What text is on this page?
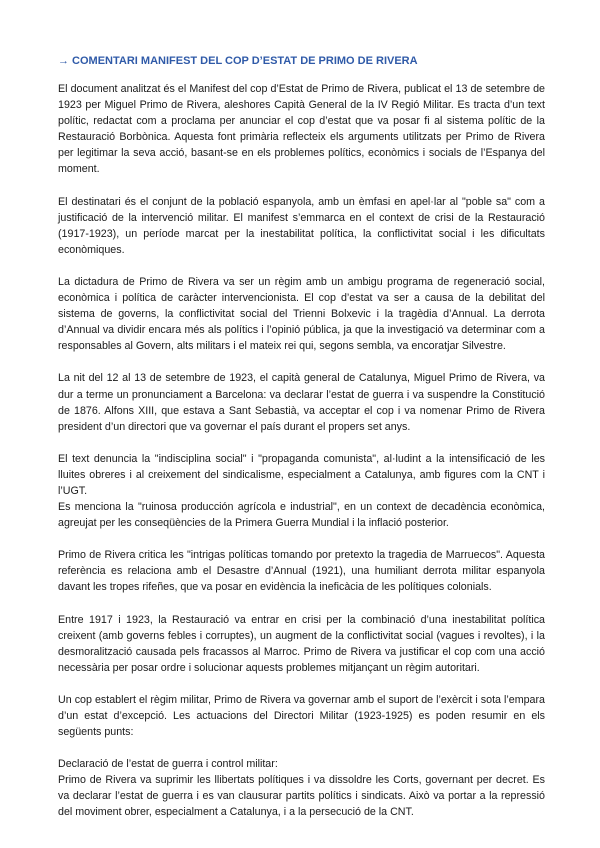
→ COMENTARI MANIFEST DEL COP D’ESTAT DE PRIMO DE RIVERA

El document analitzat és el Manifest del cop d’Estat de Primo de Rivera, publicat el 13 de setembre de 1923 per Miguel Primo de Rivera, aleshores Capità General de la IV Regió Militar. Es tracta d’un text polític, redactat com a proclama per anunciar el cop d’estat que va posar fi al sistema polític de la Restauració Borbònica. Aquesta font primària reflecteix els arguments utilitzats per Primo de Rivera per legitimar la seva acció, basant-se en els problemes polítics, econòmics i socials de l’Espanya del moment.

El destinatari és el conjunt de la població espanyola, amb un èmfasi en apel·lar al "poble sa" com a justificació de la intervenció militar. El manifest s’emmarca en el context de crisi de la Restauració (1917-1923), un període marcat per la inestabilitat política, la conflictivitat social i les dificultats econòmiques.

La dictadura de Primo de Rivera va ser un règim amb un ambigu programa de regeneració social, econòmica i política de caràcter intervencionista. El cop d’estat va ser a causa de la debilitat del sistema de governs, la conflictivitat social del Trienni Bolxevic i la tragèdia d’Annual. La derrota d’Annual va dividir encara més als polítics i l’opinió pública, ja que la investigació va determinar com a responsables al Govern, alts militars i el mateix rei qui, segons sembla, va encoratjar Silvestre.

La nit del 12 al 13 de setembre de 1923, el capità general de Catalunya, Miguel Primo de Rivera, va dur a terme un pronunciament a Barcelona: va declarar l’estat de guerra i va suspendre la Constitució de 1876. Alfons XIII, que estava a Sant Sebastià, va acceptar el cop i va nomenar Primo de Rivera president d’un directori que va governar el país durant el propers set anys.

El text denuncia la "indisciplina social" i "propaganda comunista", al·ludint a la intensificació de les lluites obreres i al creixement del sindicalisme, especialment a Catalunya, amb figures com la CNT i l’UGT.
Es menciona la "ruinosa producción agrícola e industrial", en un context de decadència econòmica, agreujat per les conseqüències de la Primera Guerra Mundial i la inflació posterior.

Primo de Rivera critica les "intrigas políticas tomando por pretexto la tragedia de Marruecos". Aquesta referència es relaciona amb el Desastre d’Annual (1921), una humiliant derrota militar espanyola davant les tropes rifeñes, que va posar en evidència la ineficàcia de les polítiques colonials.

Entre 1917 i 1923, la Restauració va entrar en crisi per la combinació d’una inestabilitat política creixent (amb governs febles i corruptes), un augment de la conflictivitat social (vagues i revoltes), i la desmoralització causada pels fracassos al Marroc. Primo de Rivera va justificar el cop com una acció necessària per posar ordre i solucionar aquests problemes mitjançant un règim autoritari.

Un cop establert el règim militar, Primo de Rivera va governar amb el suport de l’exèrcit i sota l’empara d’un estat d’excepció. Les actuacions del Directori Militar (1923-1925) es poden resumir en els següents punts:

Declaració de l’estat de guerra i control militar:
Primo de Rivera va suprimir les llibertats polítiques i va dissoldre les Corts, governant per decret. Es va declarar l’estat de guerra i es van clausurar partits polítics i sindicats. Això va portar a la repressió del moviment obrer, especialment a Catalunya, i a la persecució de la CNT.
